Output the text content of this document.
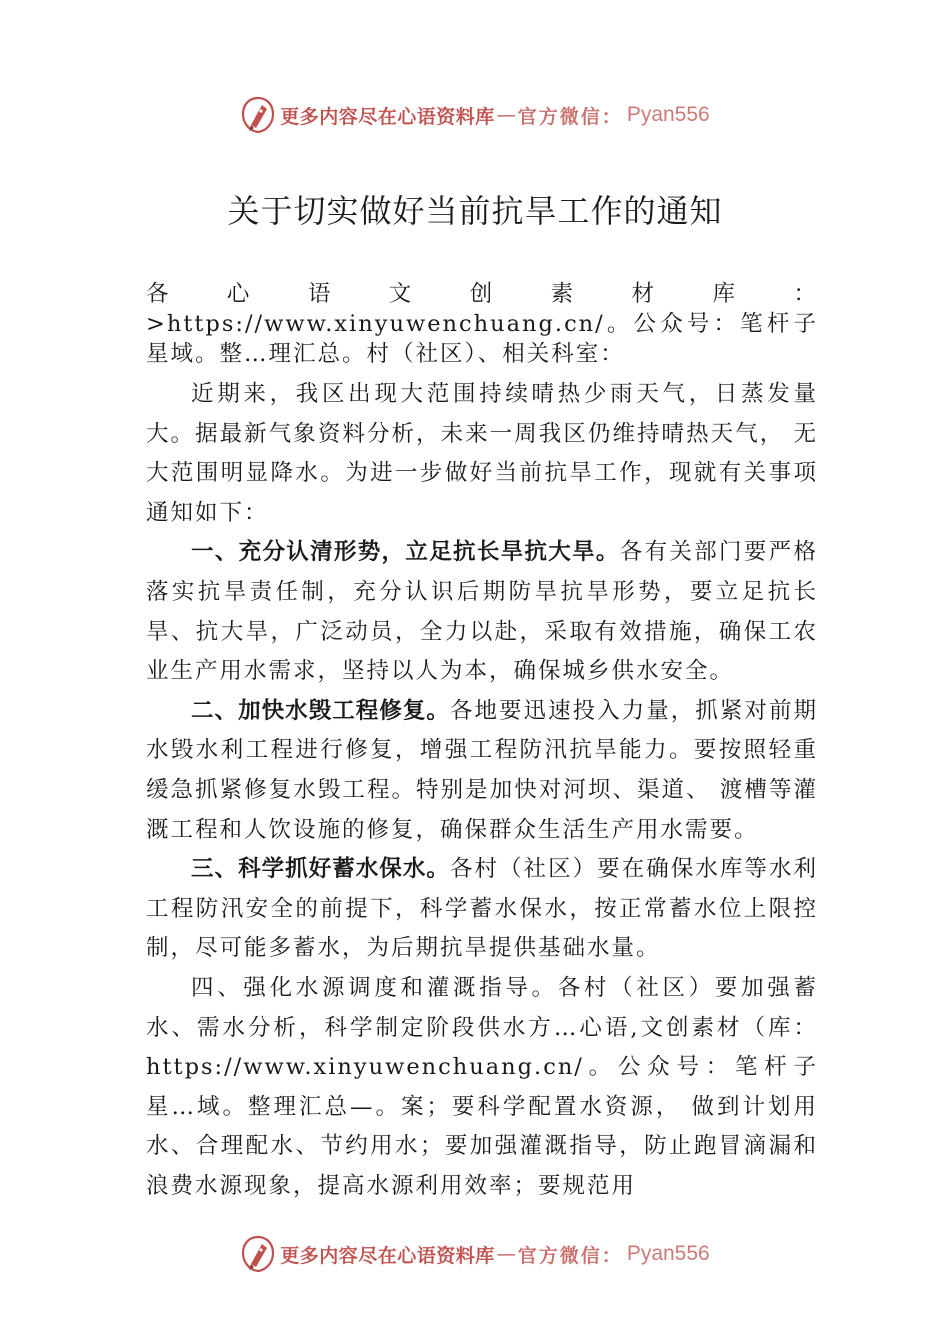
更多内容尽在心语资料库 — 官方微信： Pyan556
关于切实做好当前抗旱工作的通知

各心语文创素材库：>https://www.xinyuwenchuang.cn/。公众号：笔杆子星域。整…理汇总。村（社区）、相关科室：

近期来，我区出现大范围持续晴热少雨天气，日蒸发量大。据最新气象资料分析，未来一周我区仍维持晴热天气， 无大范围明显降水。为进一步做好当前抗旱工作，现就有关事项通知如下：

一、充分认清形势，立足抗长旱抗大旱。各有关部门要严格落实抗旱责任制，充分认识后期防旱抗旱形势，要立足抗长旱、抗大旱，广泛动员，全力以赴，采取有效措施，确保工农业生产用水需求，坚持以人为本，确保城乡供水安全。

二、加快水毁工程修复。各地要迅速投入力量，抓紧对前期水毁水利工程进行修复，增强工程防汛抗旱能力。要按照轻重缓急抓紧修复水毁工程。特别是加快对河坝、渠道、 渡槽等灌溉工程和人饮设施的修复，确保群众生活生产用水需要。

三、科学抓好蓄水保水。各村（社区）要在确保水库等水利工程防汛安全的前提下，科学蓄水保水，按正常蓄水位上限控制，尽可能多蓄水，为后期抗旱提供基础水量。

四、强化水源调度和灌溉指导。各村（社区）要加强蓄水、需水分析，科学制定阶段供水方…心语,文创素材（库：https://www.xinyuwenchuang.cn/。公众号：笔杆子星…域。整理汇总—。案；要科学配置水资源， 做到计划用水、合理配水、节约用水；要加强灌溉指导，防止跑冒滴漏和浪费水源现象，提高水源利用效率；要规范用

更多内容尽在心语资料库 — 官方微信： Pyan556
